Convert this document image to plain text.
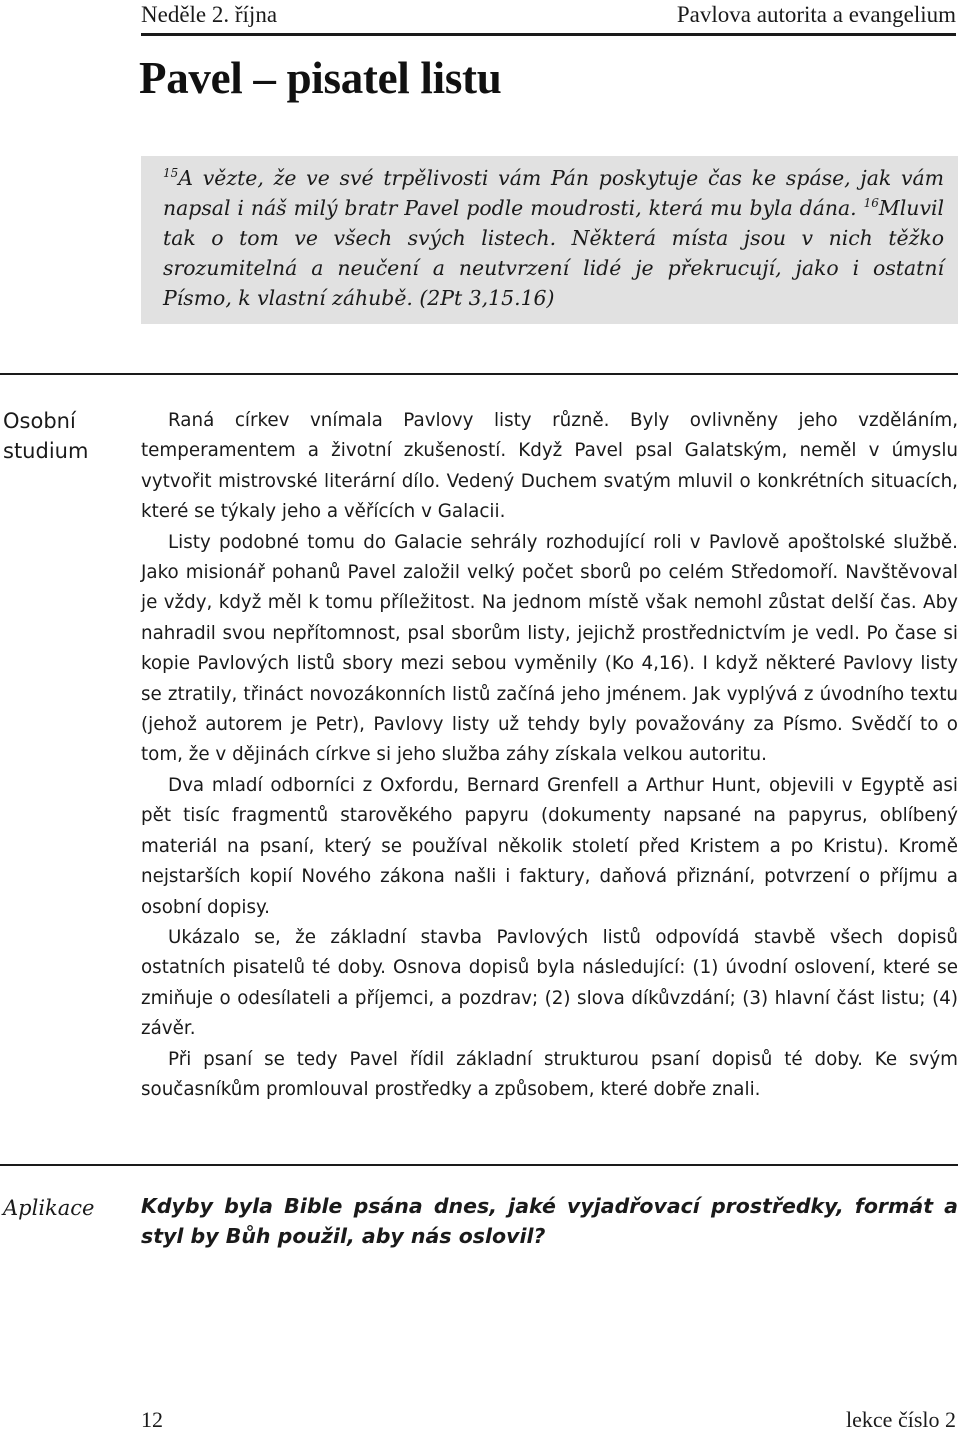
Neděle 2. října	Pavlova autorita a evangelium
Pavel – pisatel listu
$^{15}$A vězte, že ve své trpělivosti vám Pán poskytuje čas ke spáse, jak vám napsal i náš milý bratr Pavel podle moudrosti, která mu byla dána. $^{16}$Mluvil tak o tom ve všech svých listech. Některá místa jsou v nich těžko srozumitelná a neučení a neutvrzení lidé je překrucují, jako i ostatní Písmo, k vlastní záhubě. (2Pt 3,15.16)
Osobní
studium

Raná církev vnímala Pavlovy listy různě. Byly ovlivněny jeho vzděláním, temperamentem a životní zkušeností. Když Pavel psal Galatským, neměl v úmyslu vytvořit mistrovské literární dílo. Vedený Duchem svatým mluvil o konkrétních situacích, které se týkaly jeho a věřících v Galacii.

Listy podobné tomu do Galacie sehrály rozhodující roli v Pavlově apoštolské službě. Jako misionář pohanů Pavel založil velký počet sborů po celém Středomoří. Navštěvoval je vždy, když měl k tomu příležitost. Na jednom místě však nemohl zůstat delší čas. Aby nahradil svou nepřítomnost, psal sborům listy, jejichž prostřednictvím je vedl. Po čase si kopie Pavlových listů sbory mezi sebou vyměnily (Ko 4,16). I když některé Pavlovy listy se ztratily, třináct novozákonních listů začíná jeho jménem. Jak vyplývá z úvodního textu (jehož autorem je Petr), Pavlovy listy už tehdy byly považovány za Písmo. Svědčí to o tom, že v dějinách církve si jeho služba záhy získala velkou autoritu.

Dva mladí odborníci z Oxfordu, Bernard Grenfell a Arthur Hunt, objevili v Egyptě asi pět tisíc fragmentů starověkého papyru (dokumenty napsané na papyrus, oblíbený materiál na psaní, který se používal několik století před Kristem a po Kristu). Kromě nejstarších kopií Nového zákona našli i faktury, daňová přiznání, potvrzení o příjmu a osobní dopisy.

Ukázalo se, že základní stavba Pavlových listů odpovídá stavbě všech dopisů ostatních pisatelů té doby. Osnova dopisů byla následující: (1) úvodní oslovení, které se zmiňuje o odesílateli a příjemci, a pozdrav; (2) slova díkůvzdání; (3) hlavní část listu; (4) závěr.

Při psaní se tedy Pavel řídil základní strukturou psaní dopisů té doby. Ke svým současníkům promlouval prostředky a způsobem, které dobře znali.

Aplikace Kdyby byla Bible psána dnes, jaké vyjadřovací prostředky, formát a styl by Bůh použil, aby nás oslovil?

12	lekce číslo 2
